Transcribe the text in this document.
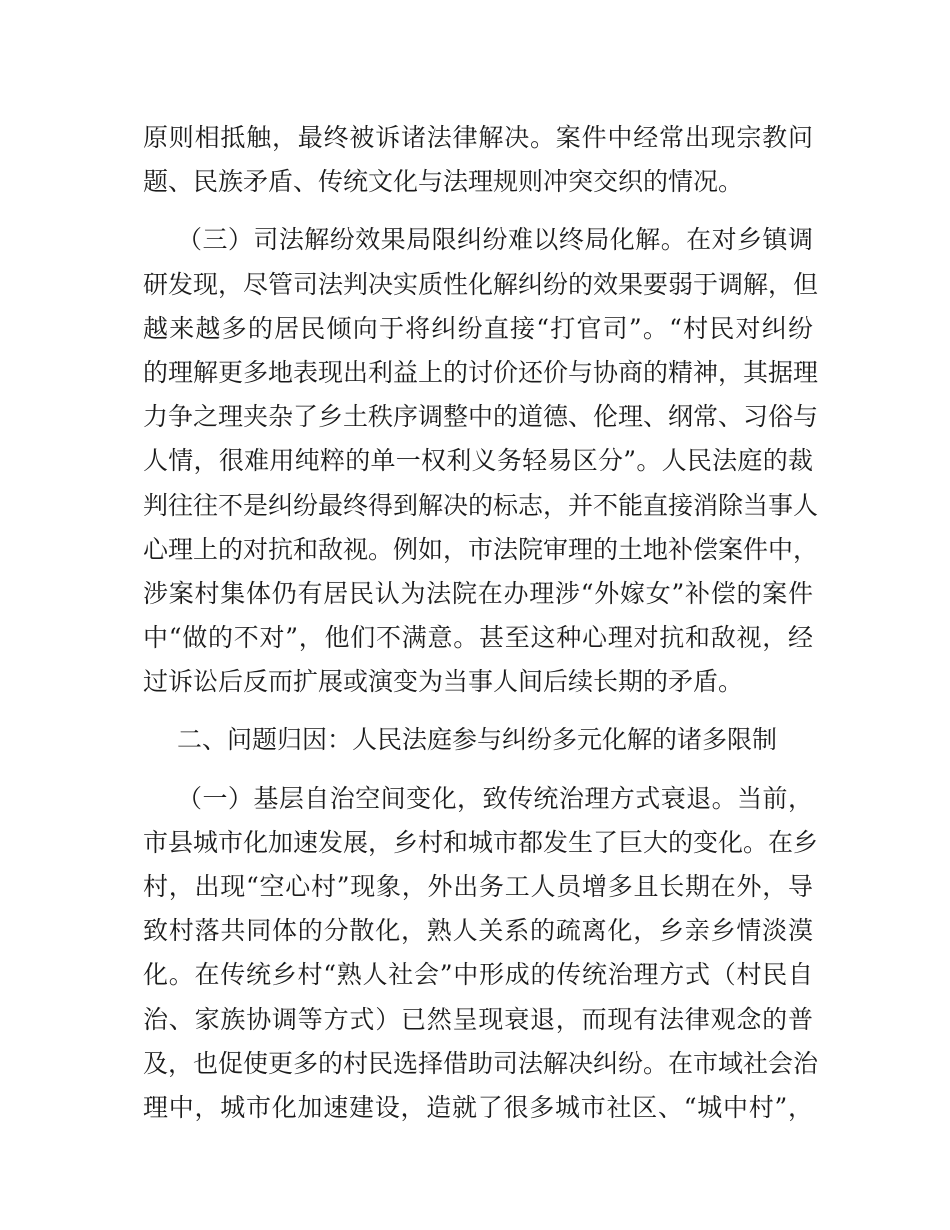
原则相抵触，最终被诉诸法律解决。案件中经常出现宗教问
题、民族矛盾、传统文化与法理规则冲突交织的情况。
（三）司法解纷效果局限纠纷难以终局化解。在对乡镇调
研发现，尽管司法判决实质性化解纠纷的效果要弱于调解，但
越来越多的居民倾向于将纠纷直接“打官司”。“村民对纠纷
的理解更多地表现出利益上的讨价还价与协商的精神，其据理
力争之理夹杂了乡土秩序调整中的道德、伦理、纲常、习俗与
人情，很难用纯粹的单一权利义务轻易区分”。人民法庭的裁
判往往不是纠纷最终得到解决的标志，并不能直接消除当事人
心理上的对抗和敌视。例如，市法院审理的土地补偿案件中，
涉案村集体仍有居民认为法院在办理涉“外嫁女”补偿的案件
中“做的不对”，他们不满意。甚至这种心理对抗和敌视，经
过诉讼后反而扩展或演变为当事人间后续长期的矛盾。
二、问题归因：人民法庭参与纠纷多元化解的诸多限制
（一）基层自治空间变化，致传统治理方式衰退。当前，
市县城市化加速发展，乡村和城市都发生了巨大的变化。在乡
村，出现“空心村”现象，外出务工人员增多且长期在外，导
致村落共同体的分散化，熟人关系的疏离化，乡亲乡情淡漠
化。在传统乡村“熟人社会”中形成的传统治理方式（村民自
治、家族协调等方式）已然呈现衰退，而现有法律观念的普
及，也促使更多的村民选择借助司法解决纠纷。在市域社会治
理中，城市化加速建设，造就了很多城市社区、“城中村”，
